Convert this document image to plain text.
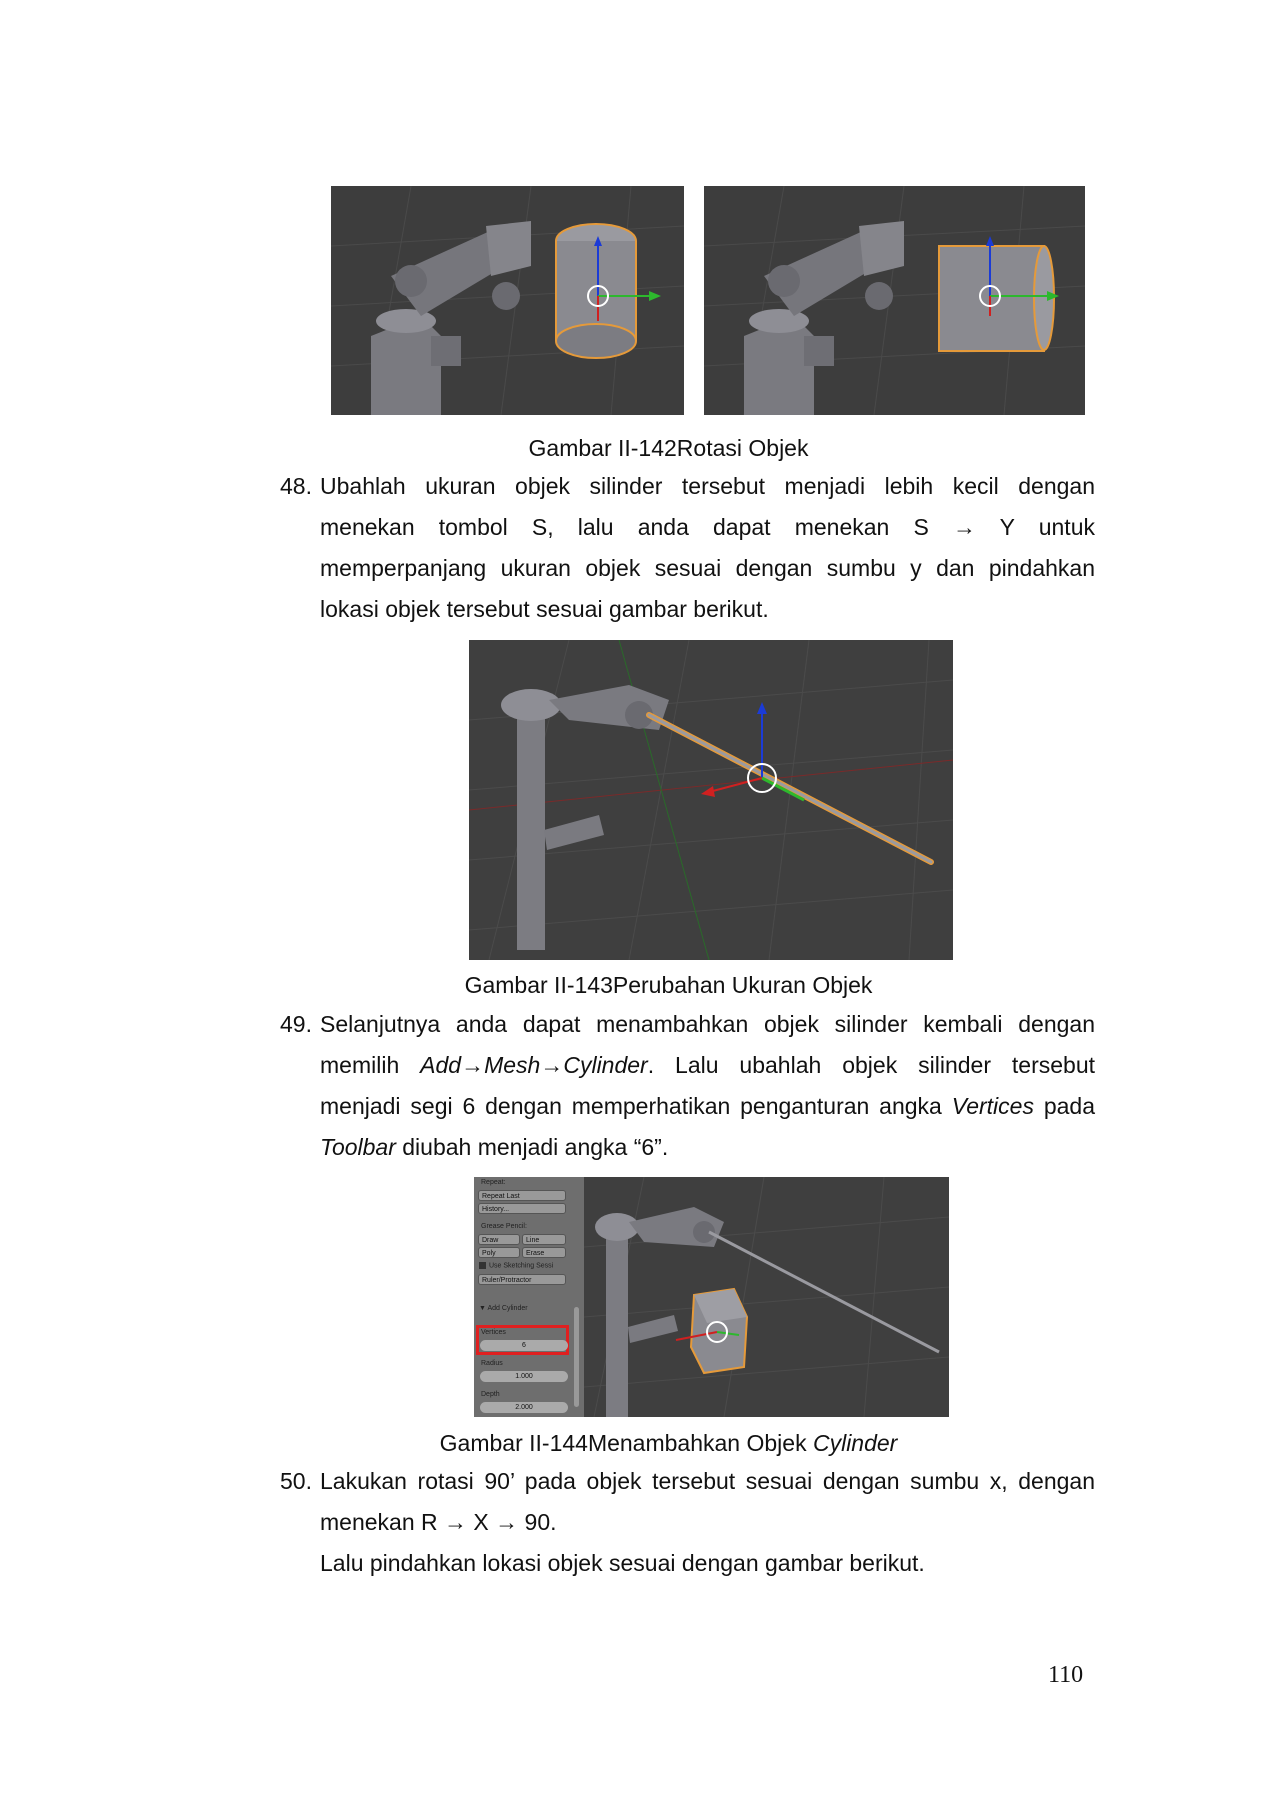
Gambar II-142Rotasi Objek
48. Ubahlah ukuran objek silinder tersebut menjadi lebih kecil dengan
menekan tombol S, lalu anda dapat menekan S → Y untuk
memperpanjang ukuran objek sesuai dengan sumbu y dan pindahkan
lokasi objek tersebut sesuai gambar berikut.
Gambar II-143Perubahan Ukuran Objek
49. Selanjutnya anda dapat menambahkan objek silinder kembali dengan
memilih Add→Mesh→Cylinder. Lalu ubahlah objek silinder tersebut
menjadi segi 6 dengan memperhatikan penganturan angka Vertices pada
Toolbar diubah menjadi angka “6”.
Repeat:
Repeat Last
History...
Grease Pencil:
Draw	Line
Poly	Erase
Use Sketching Sessi
Ruler/Protractor
▼ Add Cylinder
Vertices
6
Radius
1.000
Depth
2.000
Gambar II-144Menambahkan Objek Cylinder
50. Lakukan rotasi 90’ pada objek tersebut sesuai dengan sumbu x, dengan
menekan R → X → 90.
Lalu pindahkan lokasi objek sesuai dengan gambar berikut.
110
